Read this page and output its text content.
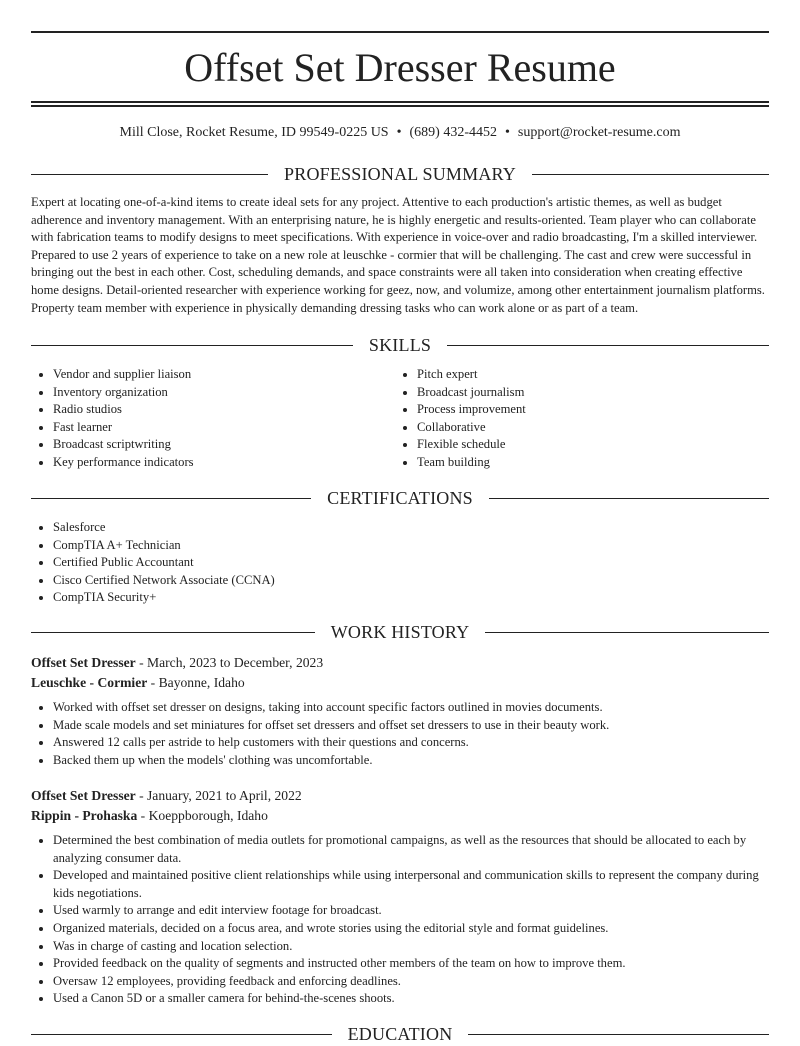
Offset Set Dresser Resume
Mill Close, Rocket Resume, ID 99549-0225 US • (689) 432-4452 • support@rocket-resume.com
PROFESSIONAL SUMMARY

Expert at locating one-of-a-kind items to create ideal sets for any project. Attentive to each production's artistic themes, as well as budget adherence and inventory management. With an enterprising nature, he is highly energetic and results-oriented. Team player who can collaborate with fabrication teams to modify designs to meet specifications. With experience in voice-over and radio broadcasting, I'm a skilled interviewer. Prepared to use 2 years of experience to take on a new role at leuschke - cormier that will be challenging. The cast and crew were successful in bringing out the best in each other. Cost, scheduling demands, and space constraints were all taken into consideration when creating effective home designs. Detail-oriented researcher with experience working for geez, now, and volumize, among other entertainment journalism platforms. Property team member with experience in physically demanding dressing tasks who can work alone or as part of a team.

SKILLS
Vendor and supplier liaison
Inventory organization
Radio studios
Fast learner
Broadcast scriptwriting
Key performance indicators
Pitch expert
Broadcast journalism
Process improvement
Collaborative
Flexible schedule
Team building
CERTIFICATIONS
Salesforce
CompTIA A+ Technician
Certified Public Accountant
Cisco Certified Network Associate (CCNA)
CompTIA Security+
WORK HISTORY
Offset Set Dresser - March, 2023 to December, 2023
Leuschke - Cormier - Bayonne, Idaho
Worked with offset set dresser on designs, taking into account specific factors outlined in movies documents.
Made scale models and set miniatures for offset set dressers and offset set dressers to use in their beauty work.
Answered 12 calls per astride to help customers with their questions and concerns.
Backed them up when the models' clothing was uncomfortable.
Offset Set Dresser - January, 2021 to April, 2022
Rippin - Prohaska - Koeppborough, Idaho
Determined the best combination of media outlets for promotional campaigns, as well as the resources that should be allocated to each by analyzing consumer data.
Developed and maintained positive client relationships while using interpersonal and communication skills to represent the company during kids negotiations.
Used warmly to arrange and edit interview footage for broadcast.
Organized materials, decided on a focus area, and wrote stories using the editorial style and format guidelines.
Was in charge of casting and location selection.
Provided feedback on the quality of segments and instructed other members of the team on how to improve them.
Oversaw 12 employees, providing feedback and enforcing deadlines.
Used a Canon 5D or a smaller camera for behind-the-scenes shoots.
EDUCATION
